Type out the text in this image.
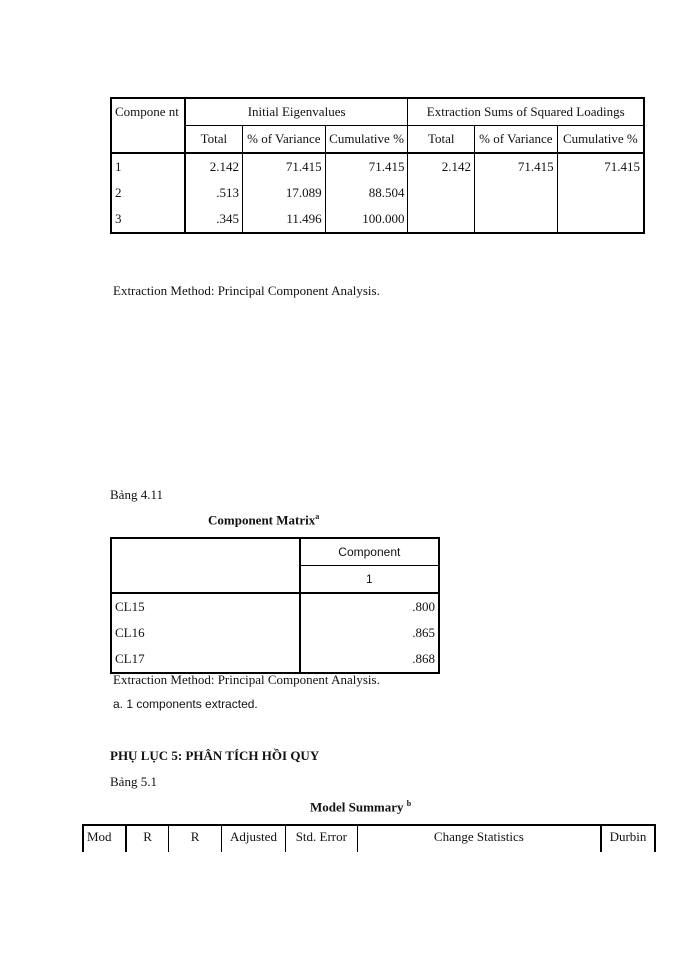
Compone nt	Initial Eigenvalues			Extraction Sums of Squared Loadings		
	Total	% of Variance	Cumulative %	Total	% of Variance	Cumulative %
1	2.142	71.415	71.415	2.142	71.415	71.415
2	.513	17.089	88.504			
3	.345	11.496	100.000			
Extraction Method: Principal Component Analysis.
Bảng 4.11
Component Matrix$^a$
	Component
	1
CL15	.800
CL16	.865
CL17	.868
Extraction Method: Principal Component Analysis.
a. 1 components extracted.
PHỤ LỤC 5: PHÂN TÍCH HỒI QUY
Bảng 5.1
Model Summary $^b$
Mod	R	R	Adjusted	Std. Error	Change Statistics	Durbin
